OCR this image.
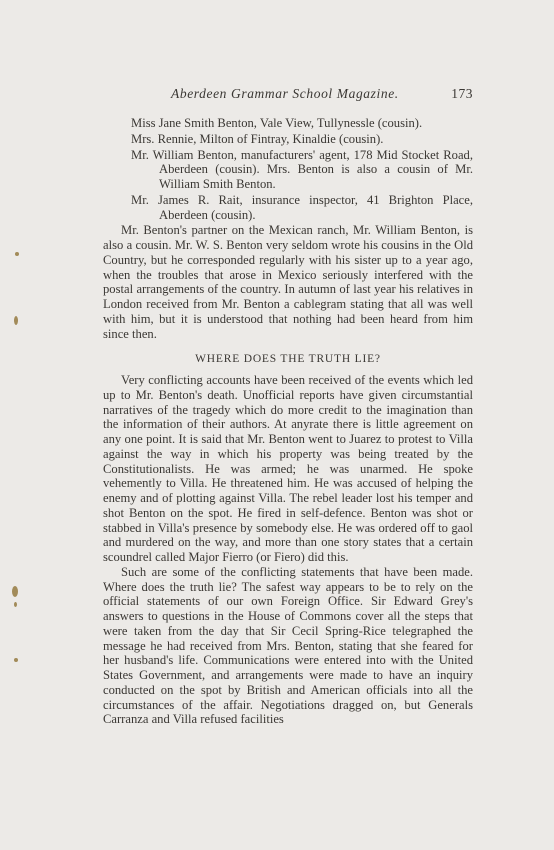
Aberdeen Grammar School Magazine.	173

Miss Jane Smith Benton, Vale View, Tullynessle (cousin).

Mrs. Rennie, Milton of Fintray, Kinaldie (cousin).

Mr. William Benton, manufacturers' agent, 178 Mid Stocket Road, Aberdeen (cousin). Mrs. Benton is also a cousin of Mr. William Smith Benton.

Mr. James R. Rait, insurance inspector, 41 Brighton Place, Aberdeen (cousin).

Mr. Benton's partner on the Mexican ranch, Mr. William Benton, is also a cousin. Mr. W. S. Benton very seldom wrote his cousins in the Old Country, but he corresponded regularly with his sister up to a year ago, when the troubles that arose in Mexico seriously interfered with the postal arrangements of the country. In autumn of last year his relatives in London received from Mr. Benton a cablegram stating that all was well with him, but it is understood that nothing had been heard from him since then.

WHERE DOES THE TRUTH LIE?

Very conflicting accounts have been received of the events which led up to Mr. Benton's death. Unofficial reports have given circumstantial narratives of the tragedy which do more credit to the imagination than the information of their authors. At anyrate there is little agreement on any one point. It is said that Mr. Benton went to Juarez to protest to Villa against the way in which his property was being treated by the Constitutionalists. He was armed; he was unarmed. He spoke vehemently to Villa. He threatened him. He was accused of helping the enemy and of plotting against Villa. The rebel leader lost his temper and shot Benton on the spot. He fired in self-defence. Benton was shot or stabbed in Villa's presence by somebody else. He was ordered off to gaol and murdered on the way, and more than one story states that a certain scoundrel called Major Fierro (or Fiero) did this.

Such are some of the conflicting statements that have been made. Where does the truth lie? The safest way appears to be to rely on the official statements of our own Foreign Office. Sir Edward Grey's answers to questions in the House of Commons cover all the steps that were taken from the day that Sir Cecil Spring-Rice telegraphed the message he had received from Mrs. Benton, stating that she feared for her husband's life. Communications were entered into with the United States Government, and arrangements were made to have an inquiry conducted on the spot by British and American officials into all the circumstances of the affair. Negotiations dragged on, but Generals Carranza and Villa refused facilities
